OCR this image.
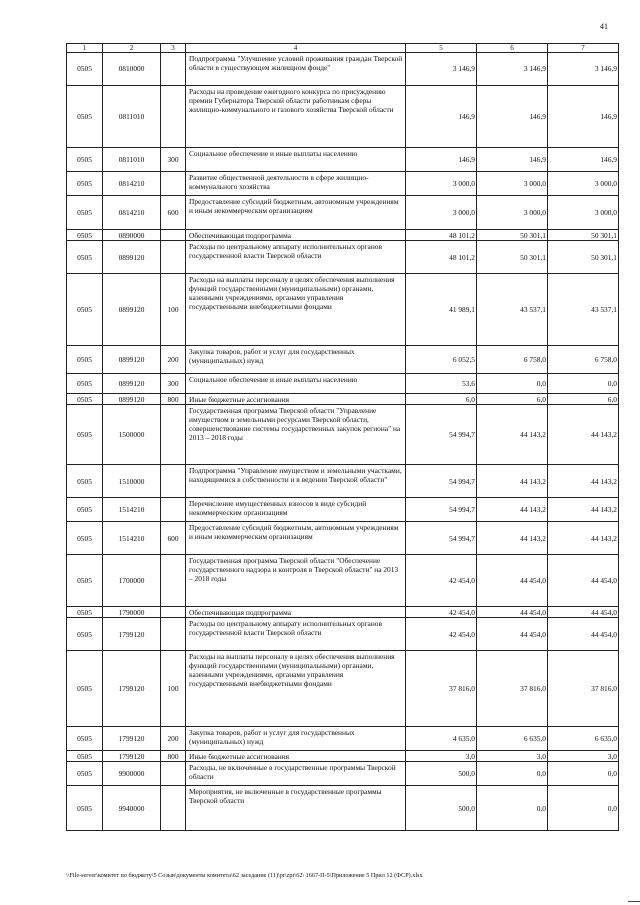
41
1	2	3	4	5	6	7
0505	0810000		Подпрограмма "Улучшение условий проживания граждан Тверской области в существующем жилищном фонде"	3 146,9	3 146,9	3 146,9
0505	0811010		Расходы на проведение ежегодного конкурса по присуждению премии Губернатора Тверской области работникам сферы жилищно-коммунального и газового хозяйства Тверской области	146,9	146,9	146,9
0505	0811010	300	Социальное обеспечение и иные выплаты населению	146,9	146,9	146,9
0505	0814210		Развитие общественной деятельности в сфере жилищно-коммунального хозяйства	3 000,0	3 000,0	3 000,0
0505	0814210	600	Предоставление субсидий бюджетным, автономным учреждениям и иным некоммерческим организациям	3 000,0	3 000,0	3 000,0
0505	0890000		Обеспечивающая подпрограмма	48 101,2	50 301,1	50 301,1
0505	0899120		Расходы по центральному аппарату исполнительных органов государственной власти Тверской области	48 101,2	50 301,1	50 301,1
0505	0899120	100	Расходы на выплаты персоналу в целях обеспечения выполнения функций государственными (муниципальными) органами, казенными учреждениями, органами управления государственными внебюджетными фондами	41 989,1	43 537,1	43 537,1
0505	0899120	200	Закупка товаров, работ и услуг для государственных (муниципальных) нужд	6 052,5	6 758,0	6 758,0
0505	0899120	300	Социальное обеспечение и иные выплаты населению	53,6	0,0	0,0
0505	0899120	800	Иные бюджетные ассигнования	6,0	6,0	6,0
0505	1500000		Государственная программа Тверской области "Управление имуществом и земельными ресурсами Тверской области, совершенствование системы государственных закупок региона" на 2013 – 2018 годы	54 994,7	44 143,2	44 143,2
0505	1510000		Подпрограмма "Управление имуществом и земельными участками, находящимися в собственности и в ведении Тверской области"	54 994,7	44 143,2	44 143,2
0505	1514210		Перечисление имущественных взносов в виде субсидий некоммерческим организациям	54 994,7	44 143,2	44 143,2
0505	1514210	600	Предоставление субсидий бюджетным, автономным учреждениям и иным некоммерческим организациям	54 994,7	44 143,2	44 143,2
0505	1700000		Государственная программа Тверской области "Обеспечение государственного надзора и контроля в Тверской области" на 2013 – 2018 годы	42 454,0	44 454,0	44 454,0
0505	1790000		Обеспечивающая подпрограмма	42 454,0	44 454,0	44 454,0
0505	1799120		Расходы по центральному аппарату исполнительных органов государственной власти Тверской области	42 454,0	44 454,0	44 454,0
0505	1799120	100	Расходы на выплаты персоналу в целях обеспечения выполнения функций государственными (муниципальными) органами, казенными учреждениями, органами управления государственными внебюджетными фондами	37 816,0	37 816,0	37 816,0
0505	1799120	200	Закупка товаров, работ и услуг для государственных (муниципальных) нужд	4 635,0	6 635,0	6 635,0
0505	1799120	800	Иные бюджетные ассигнования	3,0	3,0	3,0
0505	9900000		Расходы, не включенные в государственные программы Тверской области	500,0	0,0	0,0
0505	9940000		Мероприятия, не включенные в государственные программы Тверской области	500,0	0,0	0,0
\\File-server\комитет по бюджету\5 Созыв\документы комитета\62 заседание (11)\pr\zpr\62\ 1667-П-5\Приложение 5 Прил 12 (ФСР).xlsx
